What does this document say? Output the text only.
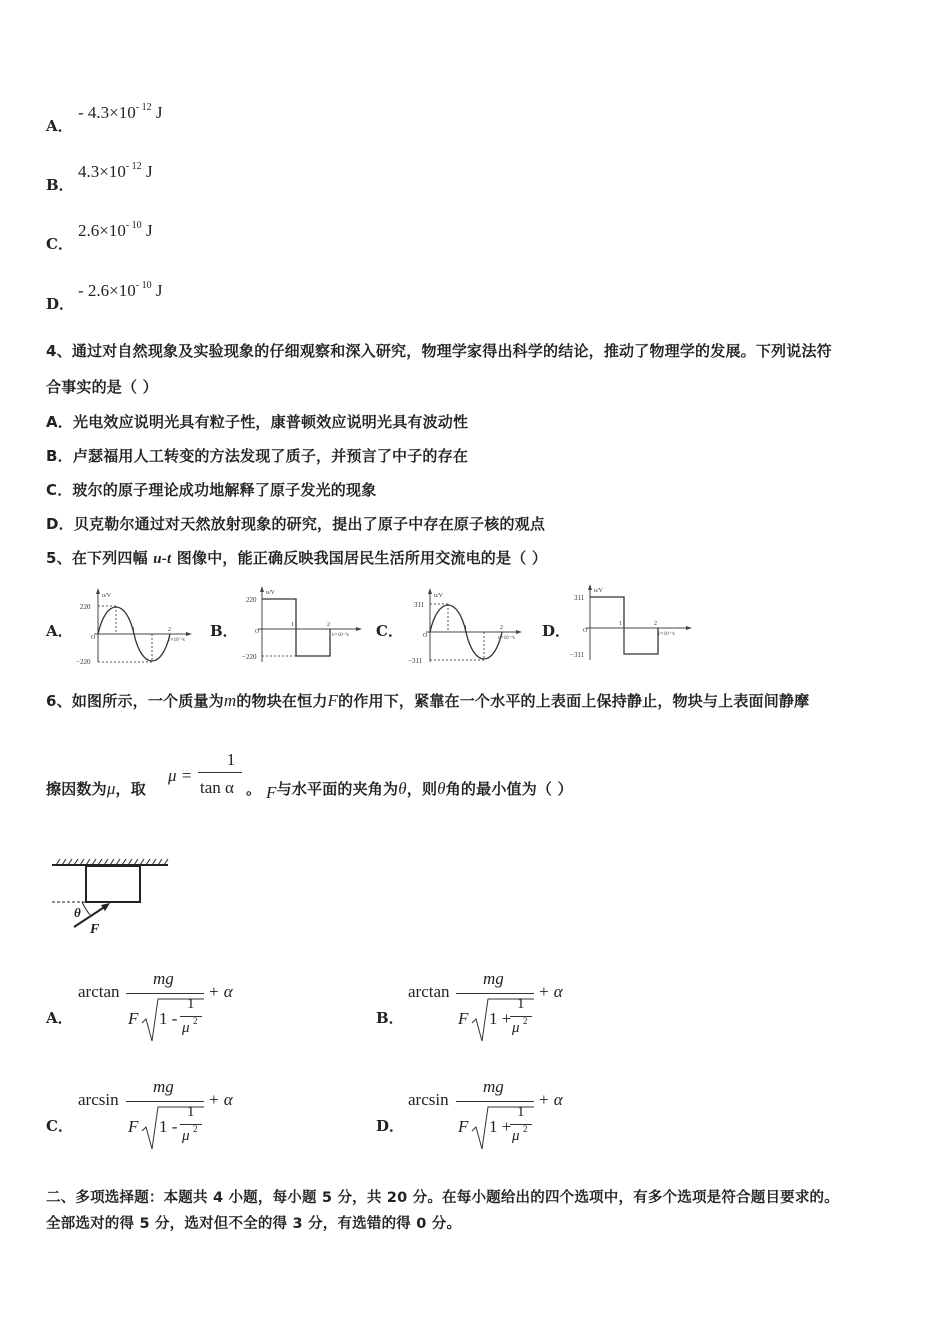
A．
- $4.3\times 10^{- 12}$ J
B．
$4.3\times 10^{- 12}$ J
C．
$2.6\times 10^{- 10}$ J
D．
- $2.6\times 10^{- 10}$ J
4、通过对自然现象及实验现象的仔细观察和深入研究，物理学家得出科学的结论，推动了物理学的发展。下列说法符
合事实的是（ ）
A．光电效应说明光具有粒子性，康普顿效应说明光具有波动性
B．卢瑟福用人工转变的方法发现了质子，并预言了中子的存在
C．玻尔的原子理论成功地解释了原子发光的现象
D．贝克勒尔通过对天然放射现象的研究，提出了原子中存在原子核的观点
5、在下列四幅 u-t 图像中，能正确反映我国居民生活所用交流电的是（ ）
A．
u/V
220
−220
O
1	2
t/×10⁻²s
B．
u/V
220
−220
O
1	2
t/×10⁻²s C．
u/V
311
−311
O
1	2
t/×10⁻²s D．
u/V
311
−311
O
1	2
t/×10⁻²s
6、如图所示，一个质量为m的物块在恒力F的作用下，紧靠在一个水平的上表面上保持静止，物块与上表面间静摩
擦因数为μ，取
μ =
1
tan α 。 F与水平面的夹角为θ，则θ角的最小值为（ ）
θ
F
A．
arctan
mg
F 1 -
1
μ 2
+ α
B．
arctan
mg
F 1 +
1
μ 2
+ α
C．
arcsin
mg
F 1 -
1
μ 2
+ α
D．
arcsin
mg
F 1 +
1
μ 2
+ α
二、多项选择题：本题共 4 小题，每小题 5 分，共 20 分。在每小题给出的四个选项中，有多个选项是符合题目要求的。
全部选对的得 5 分，选对但不全的得 3 分，有选错的得 0 分。
